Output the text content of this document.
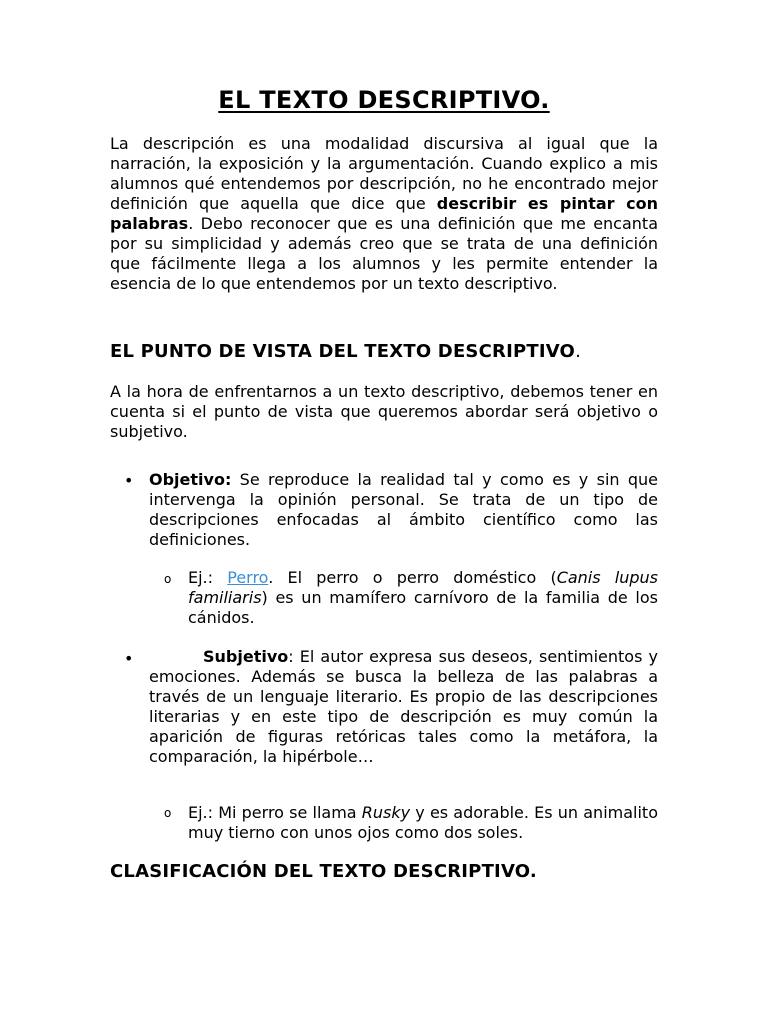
EL TEXTO DESCRIPTIVO.

La descripción es una modalidad discursiva al igual que la narración, la exposición y la argumentación. Cuando explico a mis alumnos qué entendemos por descripción, no he encontrado mejor definición que aquella que dice que describir es pintar con palabras. Debo reconocer que es una definición que me encanta por su simplicidad y además creo que se trata de una definición que fácilmente llega a los alumnos y les permite entender la esencia de lo que entendemos por un texto descriptivo.

EL PUNTO DE VISTA DEL TEXTO DESCRIPTIVO.

A la hora de enfrentarnos a un texto descriptivo, debemos tener en cuenta si el punto de vista que queremos abordar será objetivo o subjetivo.

• Objetivo: Se reproduce la realidad tal y como es y sin que intervenga la opinión personal. Se trata de un tipo de descripciones enfocadas al ámbito científico como las definiciones.

o Ej.: Perro. El perro o perro doméstico (Canis lupus familiaris) es un mamífero carnívoro de la familia de los cánidos.

•	Subjetivo: El autor expresa sus deseos, sentimientos y emociones. Además se busca la belleza de las palabras a través de un lenguaje literario. Es propio de las descripciones literarias y en este tipo de descripción es muy común la aparición de figuras retóricas tales como la metáfora, la comparación, la hipérbole…

o Ej.: Mi perro se llama Rusky y es adorable. Es un animalito muy tierno con unos ojos como dos soles.

CLASIFICACIÓN DEL TEXTO DESCRIPTIVO.
